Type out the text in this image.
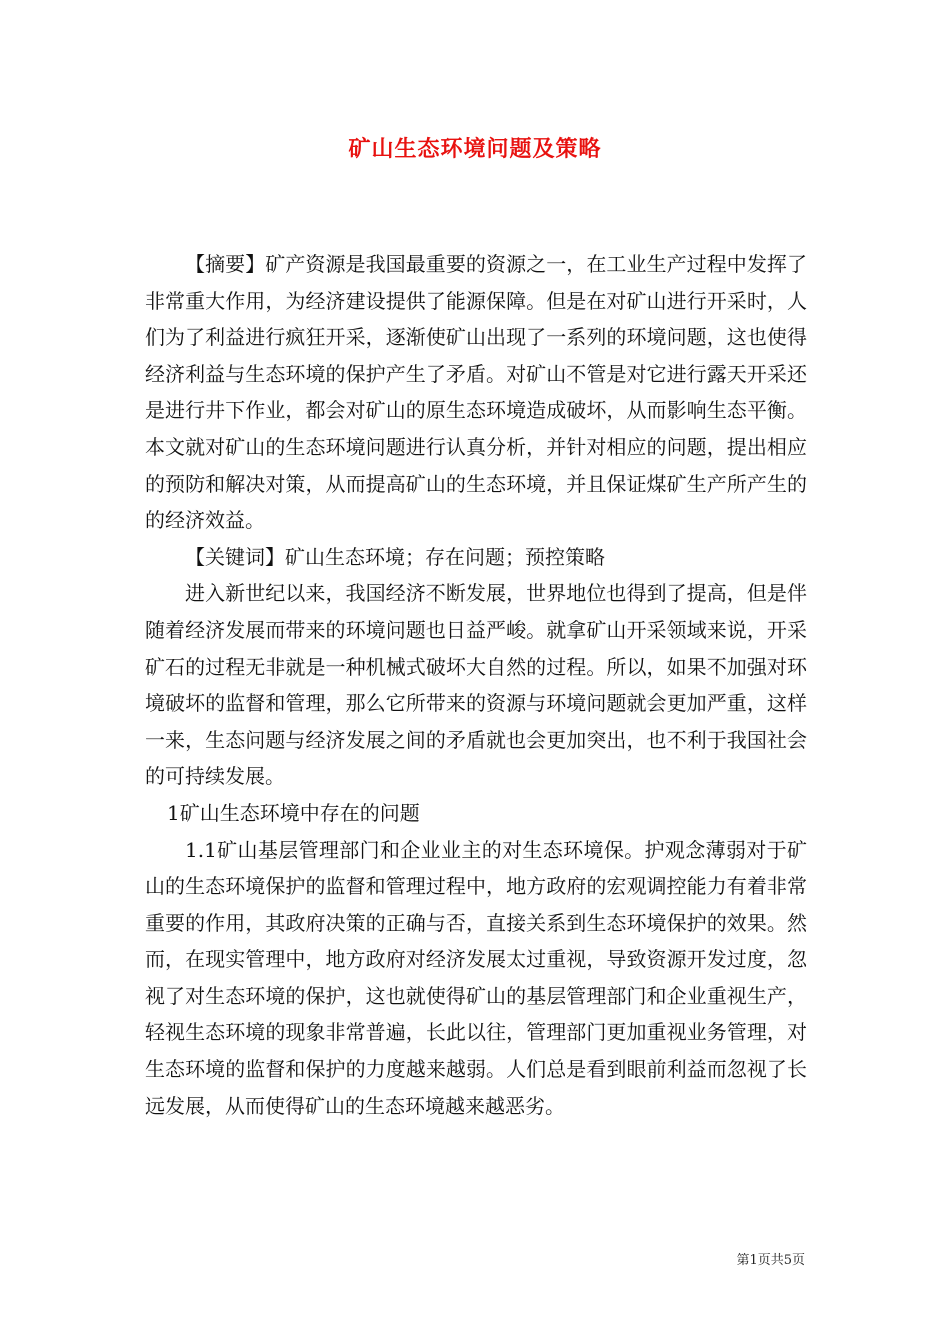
矿山生态环境问题及策略

【摘要】矿产资源是我国最重要的资源之一，在工业生产过程中发挥了非常重大作用，为经济建设提供了能源保障。但是在对矿山进行开采时，人们为了利益进行疯狂开采，逐渐使矿山出现了一系列的环境问题，这也使得经济利益与生态环境的保护产生了矛盾。对矿山不管是对它进行露天开采还是进行井下作业，都会对矿山的原生态环境造成破坏，从而影响生态平衡。本文就对矿山的生态环境问题进行认真分析，并针对相应的问题，提出相应的预防和解决对策，从而提高矿山的生态环境，并且保证煤矿生产所产生的的经济效益。

【关键词】矿山生态环境；存在问题；预控策略

进入新世纪以来，我国经济不断发展，世界地位也得到了提高，但是伴随着经济发展而带来的环境问题也日益严峻。就拿矿山开采领域来说，开采矿石的过程无非就是一种机械式破坏大自然的过程。所以，如果不加强对环境破坏的监督和管理，那么它所带来的资源与环境问题就会更加严重，这样一来，生态问题与经济发展之间的矛盾就也会更加突出，也不利于我国社会的可持续发展。

1矿山生态环境中存在的问题

1.1矿山基层管理部门和企业业主的对生态环境保。护观念薄弱对于矿山的生态环境保护的监督和管理过程中，地方政府的宏观调控能力有着非常重要的作用，其政府决策的正确与否，直接关系到生态环境保护的效果。然而，在现实管理中，地方政府对经济发展太过重视，导致资源开发过度，忽视了对生态环境的保护，这也就使得矿山的基层管理部门和企业重视生产，轻视生态环境的现象非常普遍，长此以往，管理部门更加重视业务管理，对生态环境的监督和保护的力度越来越弱。人们总是看到眼前利益而忽视了长远发展，从而使得矿山的生态环境越来越恶劣。

第1页共5页
